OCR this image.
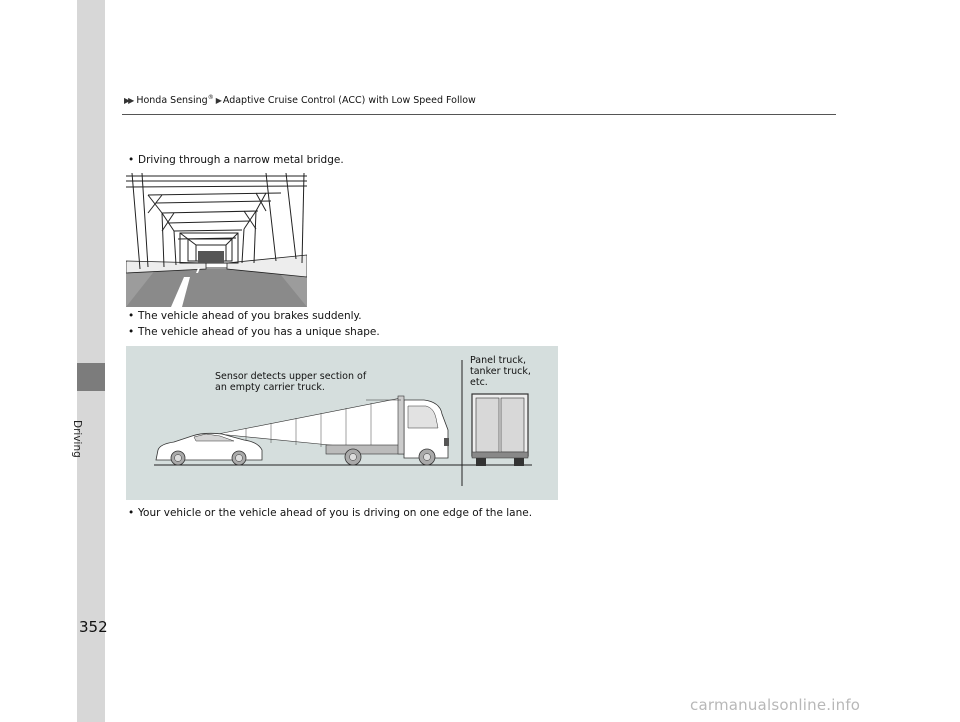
Driving
▶▶ Honda Sensing® ▶ Adaptive Cruise Control (ACC) with Low Speed Follow
• Driving through a narrow metal bridge.
• The vehicle ahead of you brakes suddenly.
• The vehicle ahead of you has a unique shape.
Sensor detects upper section of
an empty carrier truck.
Panel truck,
tanker truck,
etc.
• Your vehicle or the vehicle ahead of you is driving on one edge of the lane.
352
carmanualsonline.info
